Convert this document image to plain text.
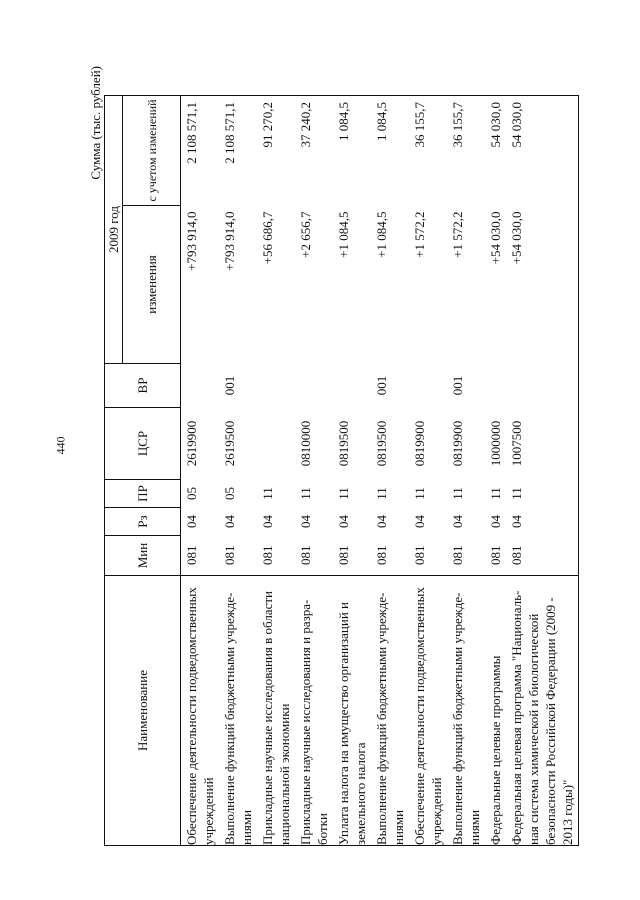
440
Сумма (тыс. рублей)
Наименование	Мин	Рз	ПР	ЦСР	ВР	2009 год	
						изменения	с учетом изменений
Обеспечение деятельности подведомственных учреждений	081	04	05	2619900		+793 914,0	2 108 571,1
Выполнение функций бюджетными учрежде-ниями	081	04	05	2619500	001	+793 914,0	2 108 571,1
Прикладные научные исследования в области национальной экономики	081	04	11			+56 686,7	91 270,2
Прикладные научные исследования и разра-ботки	081	04	11	0810000		+2 656,7	37 240,2
Уплата налога на имущество организаций и земельного налога	081	04	11	0819500		+1 084,5	1 084,5
Выполнение функций бюджетными учрежде-ниями	081	04	11	0819500	001	+1 084,5	1 084,5
Обеспечение деятельности подведомственных учреждений	081	04	11	0819900		+1 572,2	36 155,7
Выполнение функций бюджетными учрежде-ниями	081	04	11	0819900	001	+1 572,2	36 155,7
Федеральные целевые программы	081	04	11	1000000		+54 030,0	54 030,0
Федеральная целевая программа "Националь-ная система химической и биологической безопасности Российской Федерации (2009 - 2013 годы)"	081	04	11	1007500		+54 030,0	54 030,0
